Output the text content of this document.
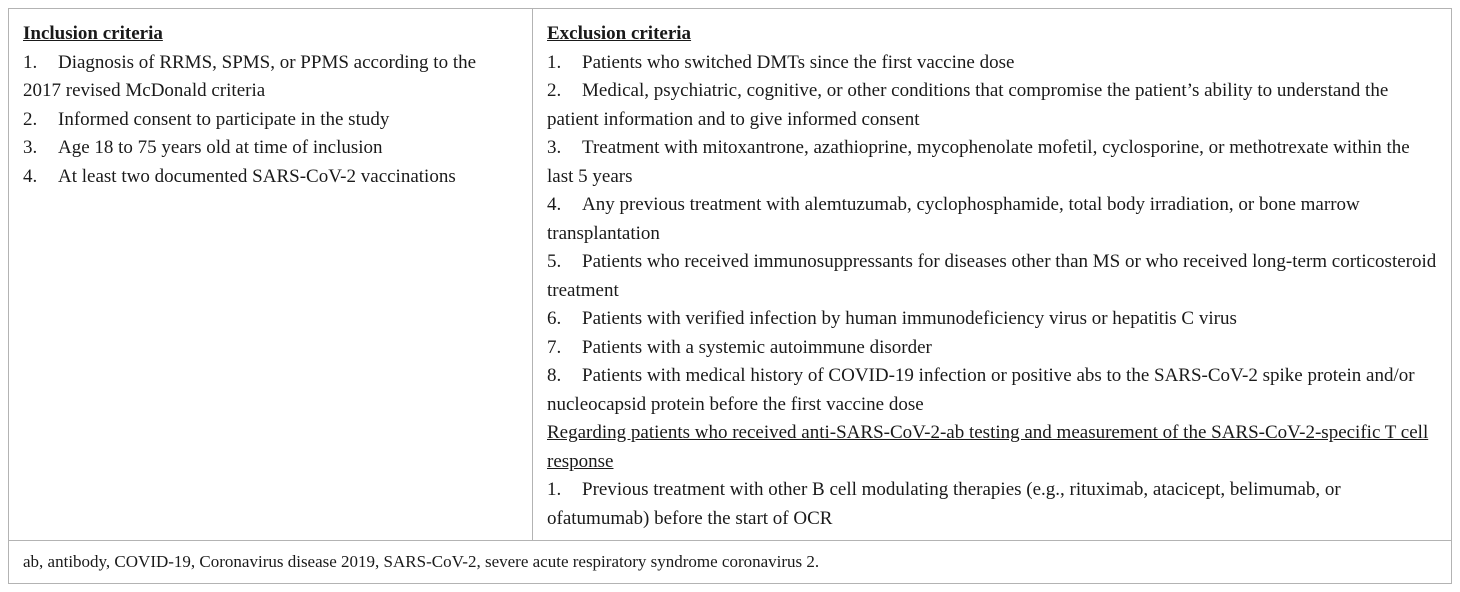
Inclusion criteria

1. Diagnosis of RRMS, SPMS, or PPMS according to the 2017 revised McDonald criteria
2. Informed consent to participate in the study
3. Age 18 to 75 years old at time of inclusion
4. At least two documented SARS-CoV-2 vaccinations

Exclusion criteria

1. Patients who switched DMTs since the first vaccine dose
2. Medical, psychiatric, cognitive, or other conditions that compromise the patient’s ability to understand the patient information and to give informed consent
3. Treatment with mitoxantrone, azathioprine, mycophenolate mofetil, cyclosporine, or methotrexate within the last 5 years
4. Any previous treatment with alemtuzumab, cyclophosphamide, total body irradiation, or bone marrow transplantation
5. Patients who received immunosuppressants for diseases other than MS or who received long-term corticosteroid treatment
6. Patients with verified infection by human immunodeficiency virus or hepatitis C virus
7. Patients with a systemic autoimmune disorder
8. Patients with medical history of COVID-19 infection or positive abs to the SARS-CoV-2 spike protein and/or nucleocapsid protein before the first vaccine dose

Regarding patients who received anti-SARS-CoV-2-ab testing and measurement of the SARS-CoV-2-specific T cell response

1. Previous treatment with other B cell modulating therapies (e.g., rituximab, atacicept, belimumab, or ofatumumab) before the start of OCR
ab, antibody, COVID-19, Coronavirus disease 2019, SARS-CoV-2, severe acute respiratory syndrome coronavirus 2.
